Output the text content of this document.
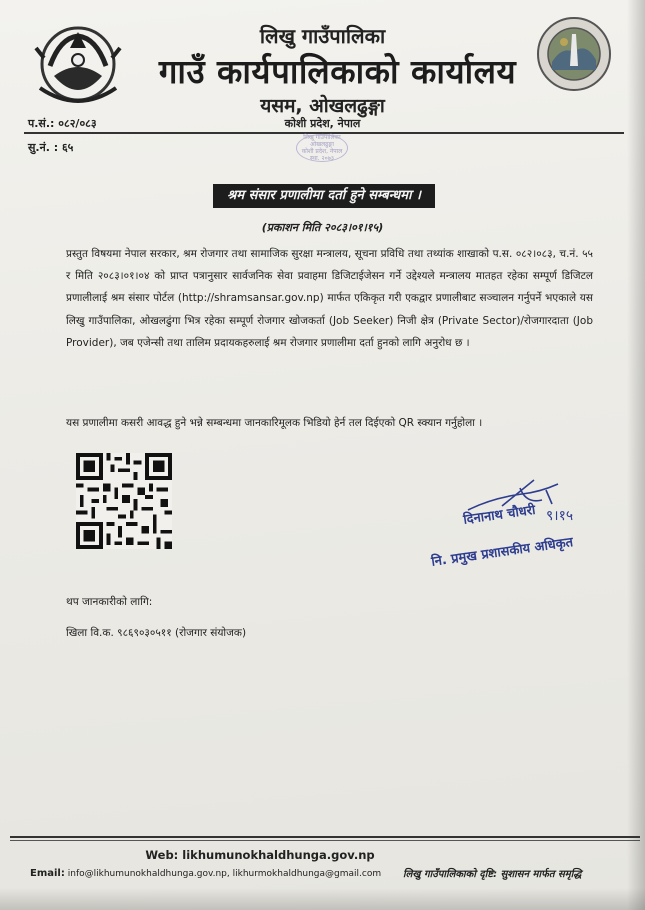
लिखु गाउँपालिका
गाउँ कार्यपालिकाको कार्यालय
यसम, ओखलढुङ्गा
कोशी प्रदेश, नेपाल
प.सं.: ०८२/०८३
सु.नं. : ६५
लिखु गाउँपालिका
ओखलढुङ्गा
कोशी प्रदेश, नेपाल
स्था. २०७३
श्रम संसार प्रणालीमा दर्ता हुने सम्बन्धमा ।
(प्रकाशन मिति २०८३।०१।१५)
प्रस्तुत विषयमा नेपाल सरकार, श्रम रोजगार तथा सामाजिक सुरक्षा मन्त्रालय, सूचना प्रविधि तथा तथ्यांक शाखाको प.स. ०८२।०८३, च.नं. ५५ र मिति २०८३।०१।०४ को प्राप्त पत्रानुसार सार्वजनिक सेवा प्रवाहमा डिजिटाईजेसन गर्ने उद्देश्यले मन्त्रालय मातहत रहेका सम्पूर्ण डिजिटल प्रणालीलाई श्रम संसार पोर्टल (http://shramsansar.gov.np) मार्फत एकिकृत गरी एकद्वार प्रणालीबाट सञ्चालन गर्नुपर्ने भएकाले यस लिखु गाउँपालिका, ओखलढुंगा भित्र रहेका सम्पूर्ण रोजगार खोजकर्ता (Job Seeker) निजी क्षेत्र (Private Sector)/रोजगारदाता (Job Provider), जब एजेन्सी तथा तालिम प्रदायकहरुलाई श्रम रोजगार प्रणालीमा दर्ता हुनको लागि अनुरोध छ ।
यस प्रणालीमा कसरी आवद्ध हुने भन्ने सम्बन्धमा जानकारिमूलक भिडियो हेर्न तल दिईएको QR स्क्यान गर्नुहोला ।
९।१५
दिनानाथ चौधरी
नि. प्रमुख प्रशासकीय अधिकृत
थप जानकारीको लागि:
खिला वि.क. ९८६९०३०५११ (रोजगार संयोजक)
Web: likhumunokhaldhunga.gov.np
Email: info@likhumunokhaldhunga.gov.np, likhurmokhaldhunga@gmail.com लिखु गाउँपालिकाको दृष्टि: सुशासन मार्फत समृद्धि
